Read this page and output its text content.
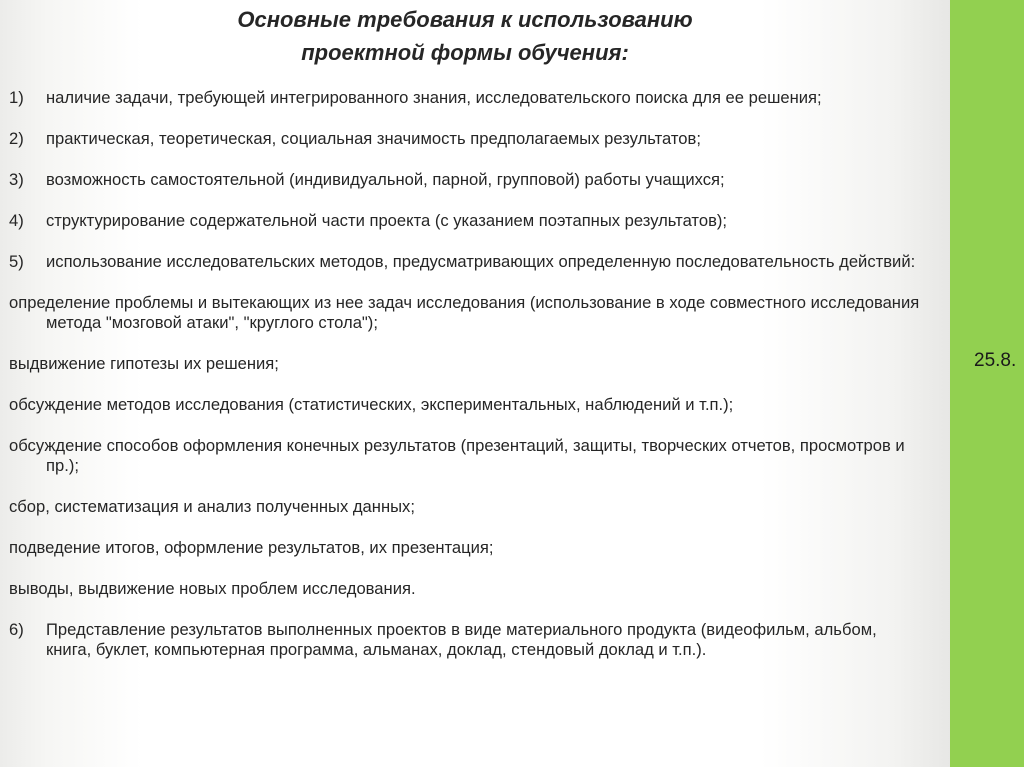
Основные требования к использованию
проектной формы обучения:
1) наличие задачи, требующей интегрированного знания, исследовательского поиска для ее решения;
2) практическая, теоретическая, социальная значимость предполагаемых результатов;
3) возможность самостоятельной (индивидуальной, парной, групповой) работы учащихся;
4) структурирование содержательной части проекта (с указанием поэтапных результатов);
5) использование исследовательских методов, предусматривающих определенную последовательность действий:
определение проблемы и вытекающих из нее задач исследования (использование в ходе совместного исследования метода "мозговой атаки", "круглого стола");
выдвижение гипотезы их решения;
обсуждение методов исследования (статистических, экспериментальных, наблюдений и т.п.);
обсуждение способов оформления конечных результатов (презентаций, защиты, творческих отчетов, просмотров и пр.);
сбор, систематизация и анализ полученных данных;
подведение итогов, оформление результатов, их презентация;
выводы, выдвижение новых проблем исследования.
6) Представление результатов выполненных проектов в виде материального продукта (видеофильм, альбом, книга, буклет, компьютерная программа, альманах, доклад, стендовый доклад и т.п.).
25.8.
